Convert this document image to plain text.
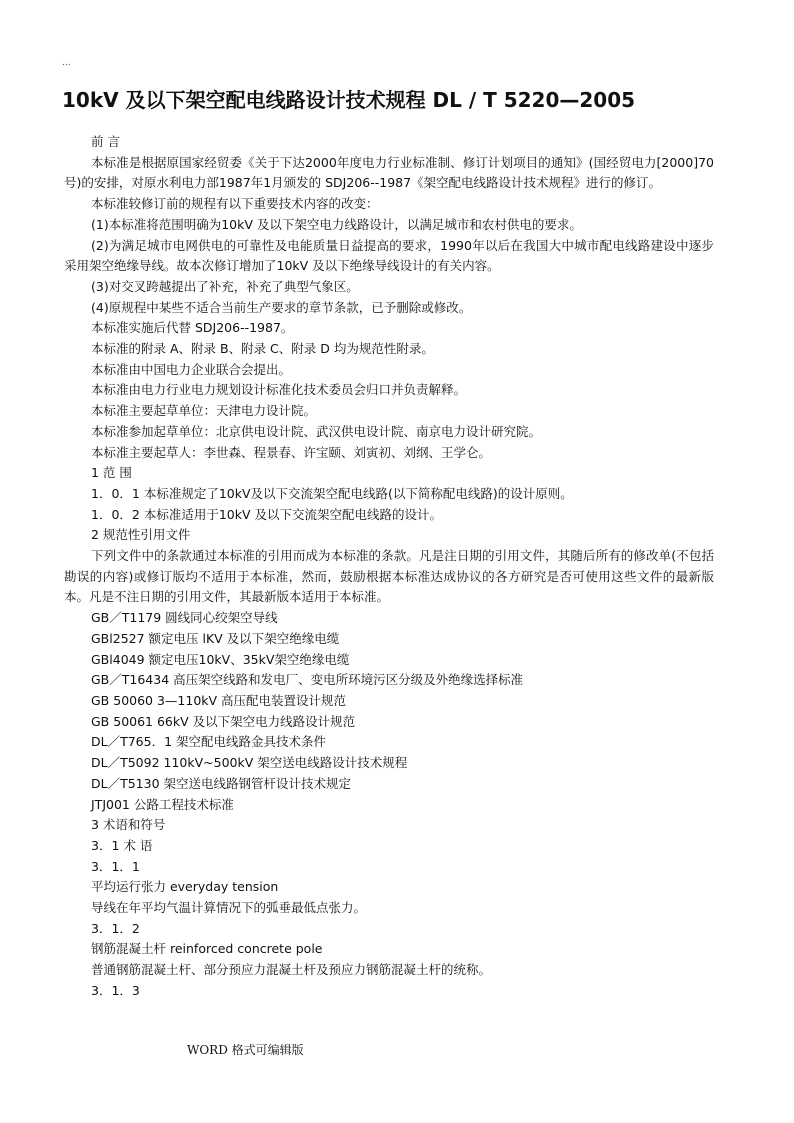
...
10kV 及以下架空配电线路设计技术规程 DL / T 5220—2005
前 言
本标准是根据原国家经贸委《关于下达2000年度电力行业标准制、修订计划项目的通知》(国经贸电力[2000]70号)的安排，对原水利电力部1987年1月颁发的 SDJ206--1987《架空配电线路设计技术规程》进行的修订。
本标准较修订前的规程有以下重要技术内容的改变：
(1)本标准将范围明确为10kV 及以下架空电力线路设计，以满足城市和农村供电的要求。
(2)为满足城市电网供电的可靠性及电能质量日益提高的要求，1990年以后在我国大中城市配电线路建设中逐步采用架空绝缘导线。故本次修订增加了10kV 及以下绝缘导线设计的有关内容。
(3)对交叉跨越提出了补充，补充了典型气象区。
(4)原规程中某些不适合当前生产要求的章节条款，已予删除或修改。
本标准实施后代替 SDJ206--1987。
本标准的附录 A、附录 B、附录 C、附录 D 均为规范性附录。
本标准由中国电力企业联合会提出。
本标准由电力行业电力规划设计标准化技术委员会归口并负责解释。
本标准主要起草单位：天津电力设计院。
本标准参加起草单位：北京供电设计院、武汉供电设计院、南京电力设计研究院。
本标准主要起草人：李世森、程景春、许宝颐、刘寅初、刘纲、王学仑。
1 范 围
1．0．1 本标准规定了10kV及以下交流架空配电线路(以下简称配电线路)的设计原则。
1．0．2 本标准适用于10kV 及以下交流架空配电线路的设计。
2 规范性引用文件
下列文件中的条款通过本标准的引用而成为本标准的条款。凡是注日期的引用文件，其随后所有的修改单(不包括勘误的内容)或修订版均不适用于本标准，然而，鼓励根据本标准达成协议的各方研究是否可使用这些文件的最新版本。凡是不注日期的引用文件，其最新版本适用于本标准。
GB／T1179 圆线同心绞架空导线
GBl2527 额定电压 lKV 及以下架空绝缘电缆
GBl4049 额定电压10kV、35kV架空绝缘电缆
GB／T16434 高压架空线路和发电厂、变电所环境污区分级及外绝缘选择标准
GB 50060 3—110kV 高压配电装置设计规范
GB 50061 66kV 及以下架空电力线路设计规范
DL／T765．1 架空配电线路金具技术条件
DL／T5092 110kV~500kV 架空送电线路设计技术规程
DL／T5130 架空送电线路钢管杆设计技术规定
JTJ001 公路工程技术标准
3 术语和符号
3．1 术 语
3．1．1
平均运行张力 everyday tension
导线在年平均气温计算情况下的弧垂最低点张力。
3．1．2
钢筋混凝土杆 reinforced concrete pole
普通钢筋混凝土杆、部分预应力混凝土杆及预应力钢筋混凝土杆的统称。
3．1．3
WORD 格式可编辑版
